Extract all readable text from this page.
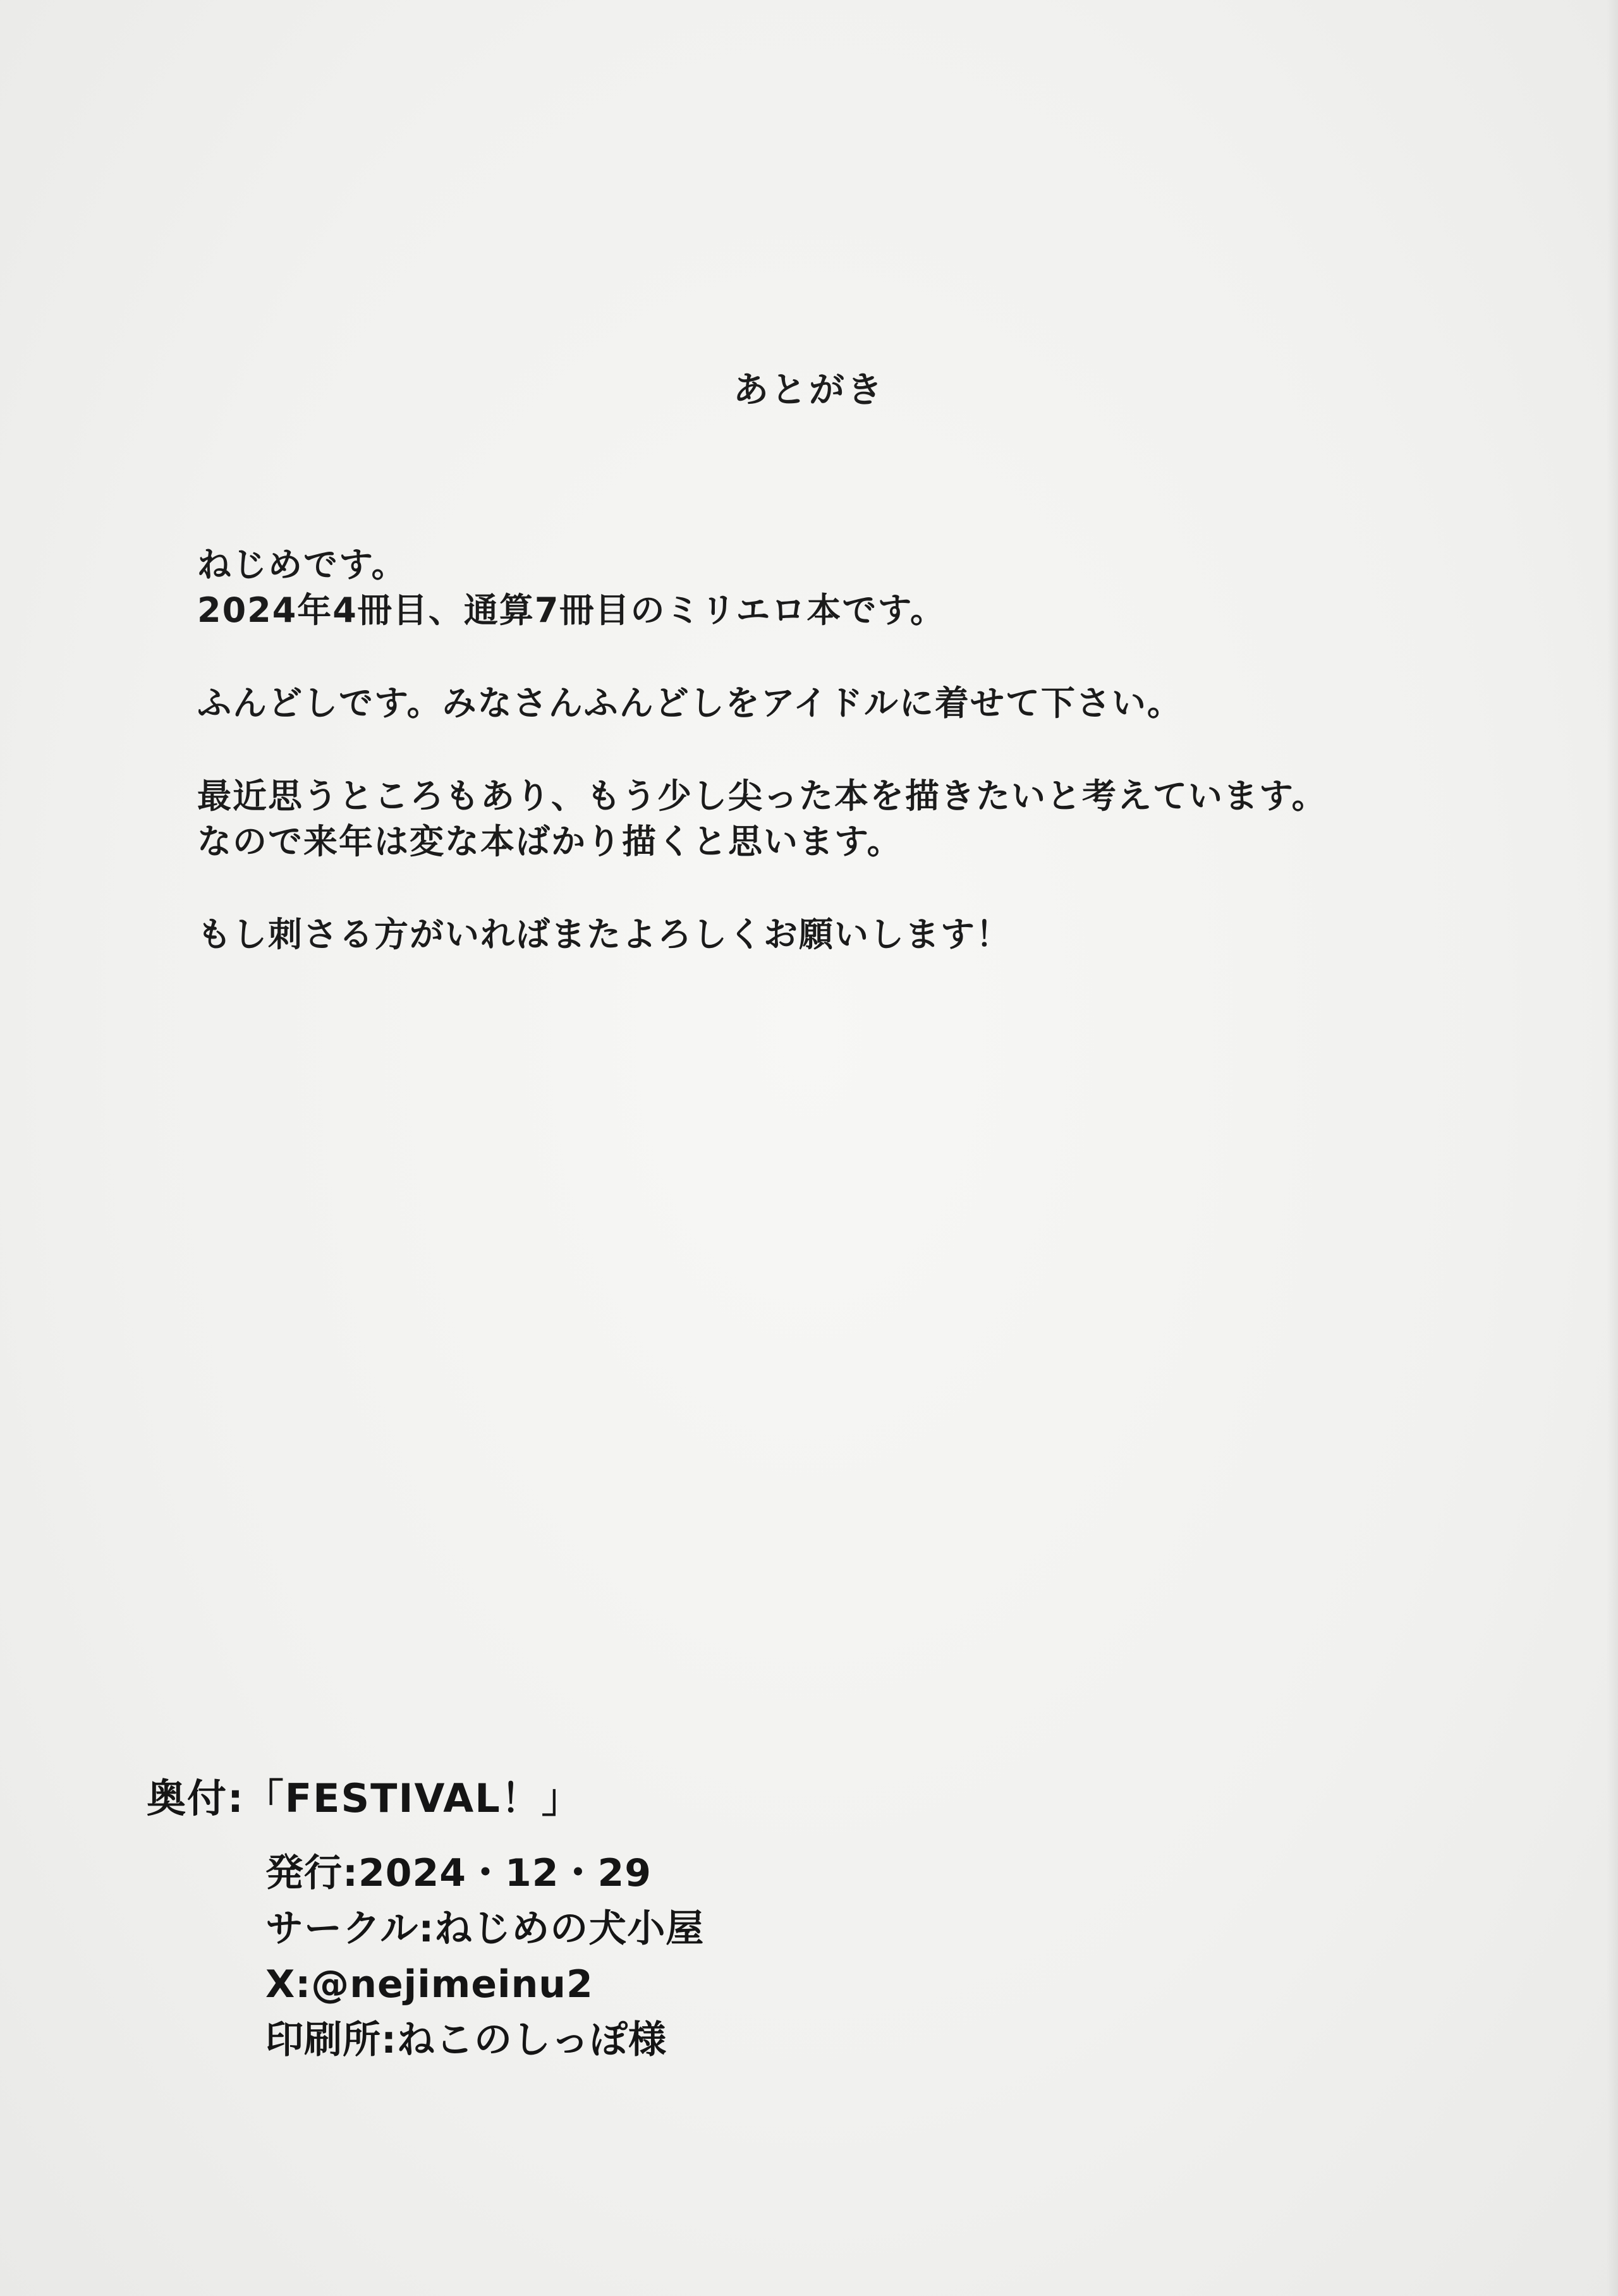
あとがき
ねじめです。
2024年4冊目、通算7冊目のミリエロ本です。
ふんどしです。みなさんふんどしをアイドルに着せて下さい。
最近思うところもあり、もう少し尖った本を描きたいと考えています。
なので来年は変な本ばかり描くと思います。
もし刺さる方がいればまたよろしくお願いします！
奥付:「FESTIVAL！」
発行:2024・12・29
サークル:ねじめの犬小屋
X:@nejimeinu2
印刷所:ねこのしっぽ様
